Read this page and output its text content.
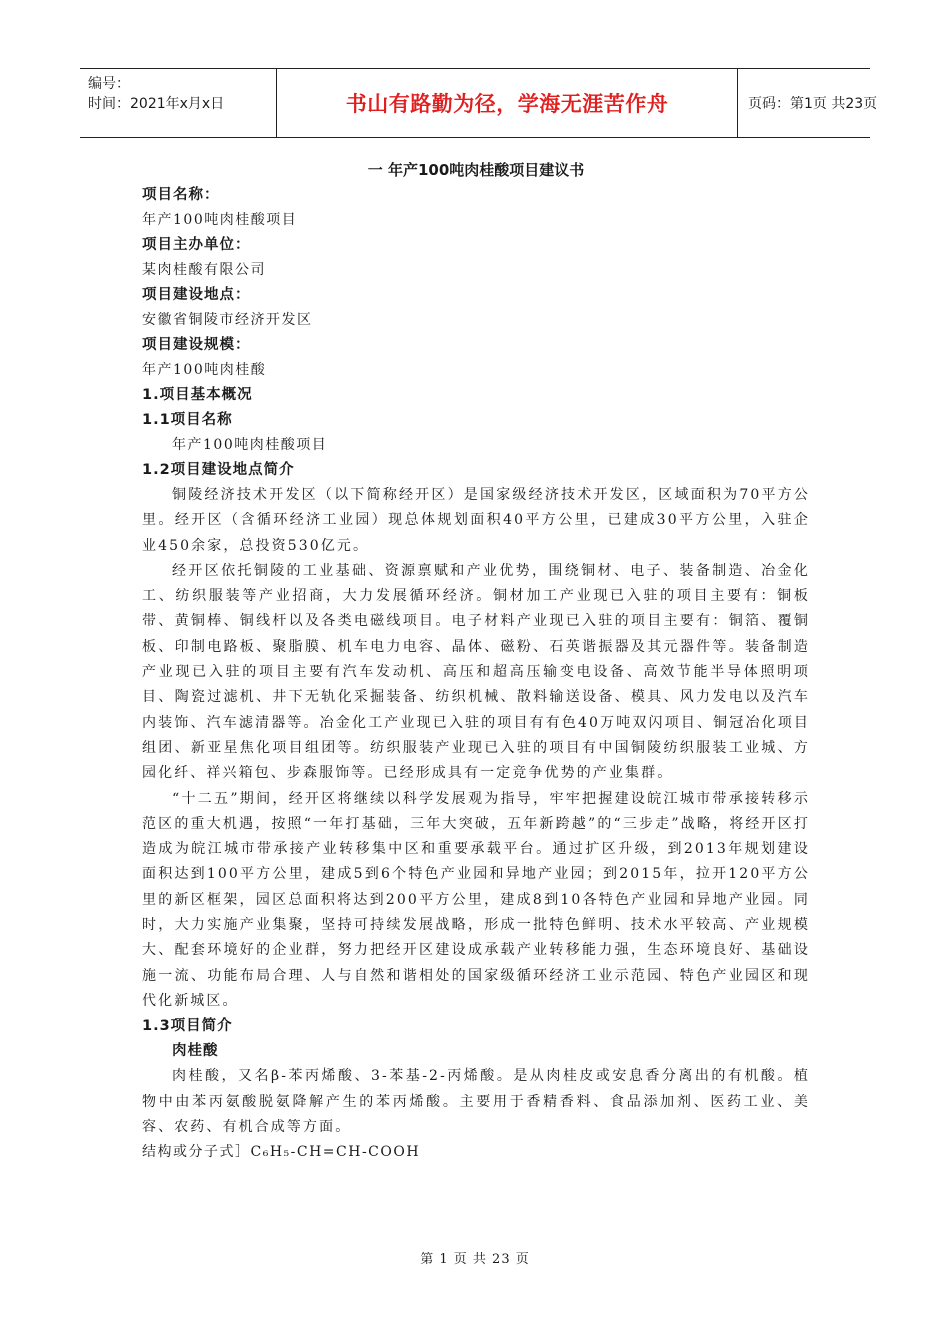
编号：
时间：2021年x月x日	书山有路勤为径，学海无涯苦作舟	页码：第1页 共23页
一 年产100吨肉桂酸项目建议书

项目名称：

年产100吨肉桂酸项目

项目主办单位：

某肉桂酸有限公司

项目建设地点：

安徽省铜陵市经济开发区

项目建设规模：

年产100吨肉桂酸

1.项目基本概况

1.1项目名称

年产100吨肉桂酸项目

1.2项目建设地点简介

铜陵经济技术开发区（以下简称经开区）是国家级经济技术开发区，区域面积为70平方公里。经开区（含循环经济工业园）现总体规划面积40平方公里，已建成30平方公里，入驻企业450余家，总投资530亿元。

经开区依托铜陵的工业基础、资源禀赋和产业优势，围绕铜材、电子、装备制造、冶金化工、纺织服装等产业招商，大力发展循环经济。铜材加工产业现已入驻的项目主要有：铜板带、黄铜棒、铜线杆以及各类电磁线项目。电子材料产业现已入驻的项目主要有：铜箔、覆铜板、印制电路板、聚脂膜、机车电力电容、晶体、磁粉、石英谐振器及其元器件等。装备制造产业现已入驻的项目主要有汽车发动机、高压和超高压输变电设备、高效节能半导体照明项目、陶瓷过滤机、井下无轨化采掘装备、纺织机械、散料输送设备、模具、风力发电以及汽车内装饰、汽车滤清器等。冶金化工产业现已入驻的项目有有色40万吨双闪项目、铜冠冶化项目组团、新亚星焦化项目组团等。纺织服装产业现已入驻的项目有中国铜陵纺织服装工业城、方园化纤、祥兴箱包、步森服饰等。已经形成具有一定竞争优势的产业集群。

“十二五”期间，经开区将继续以科学发展观为指导，牢牢把握建设皖江城市带承接转移示范区的重大机遇，按照“一年打基础，三年大突破，五年新跨越”的“三步走”战略，将经开区打造成为皖江城市带承接产业转移集中区和重要承载平台。通过扩区升级，到2013年规划建设面积达到100平方公里，建成5到6个特色产业园和异地产业园；到2015年，拉开120平方公里的新区框架，园区总面积将达到200平方公里，建成8到10各特色产业园和异地产业园。同时，大力实施产业集聚，坚持可持续发展战略，形成一批特色鲜明、技术水平较高、产业规模大、配套环境好的企业群，努力把经开区建设成承载产业转移能力强，生态环境良好、基础设施一流、功能布局合理、人与自然和谐相处的国家级循环经济工业示范园、特色产业园区和现代化新城区。

1.3项目简介

肉桂酸

肉桂酸，又名β-苯丙烯酸、3-苯基-2-丙烯酸。是从肉桂皮或安息香分离出的有机酸。植物中由苯丙氨酸脱氨降解产生的苯丙烯酸。主要用于香精香料、食品添加剂、医药工业、美容、农药、有机合成等方面。

结构或分子式］C₆H₅-CH=CH-COOH

第 1 页 共 23 页
